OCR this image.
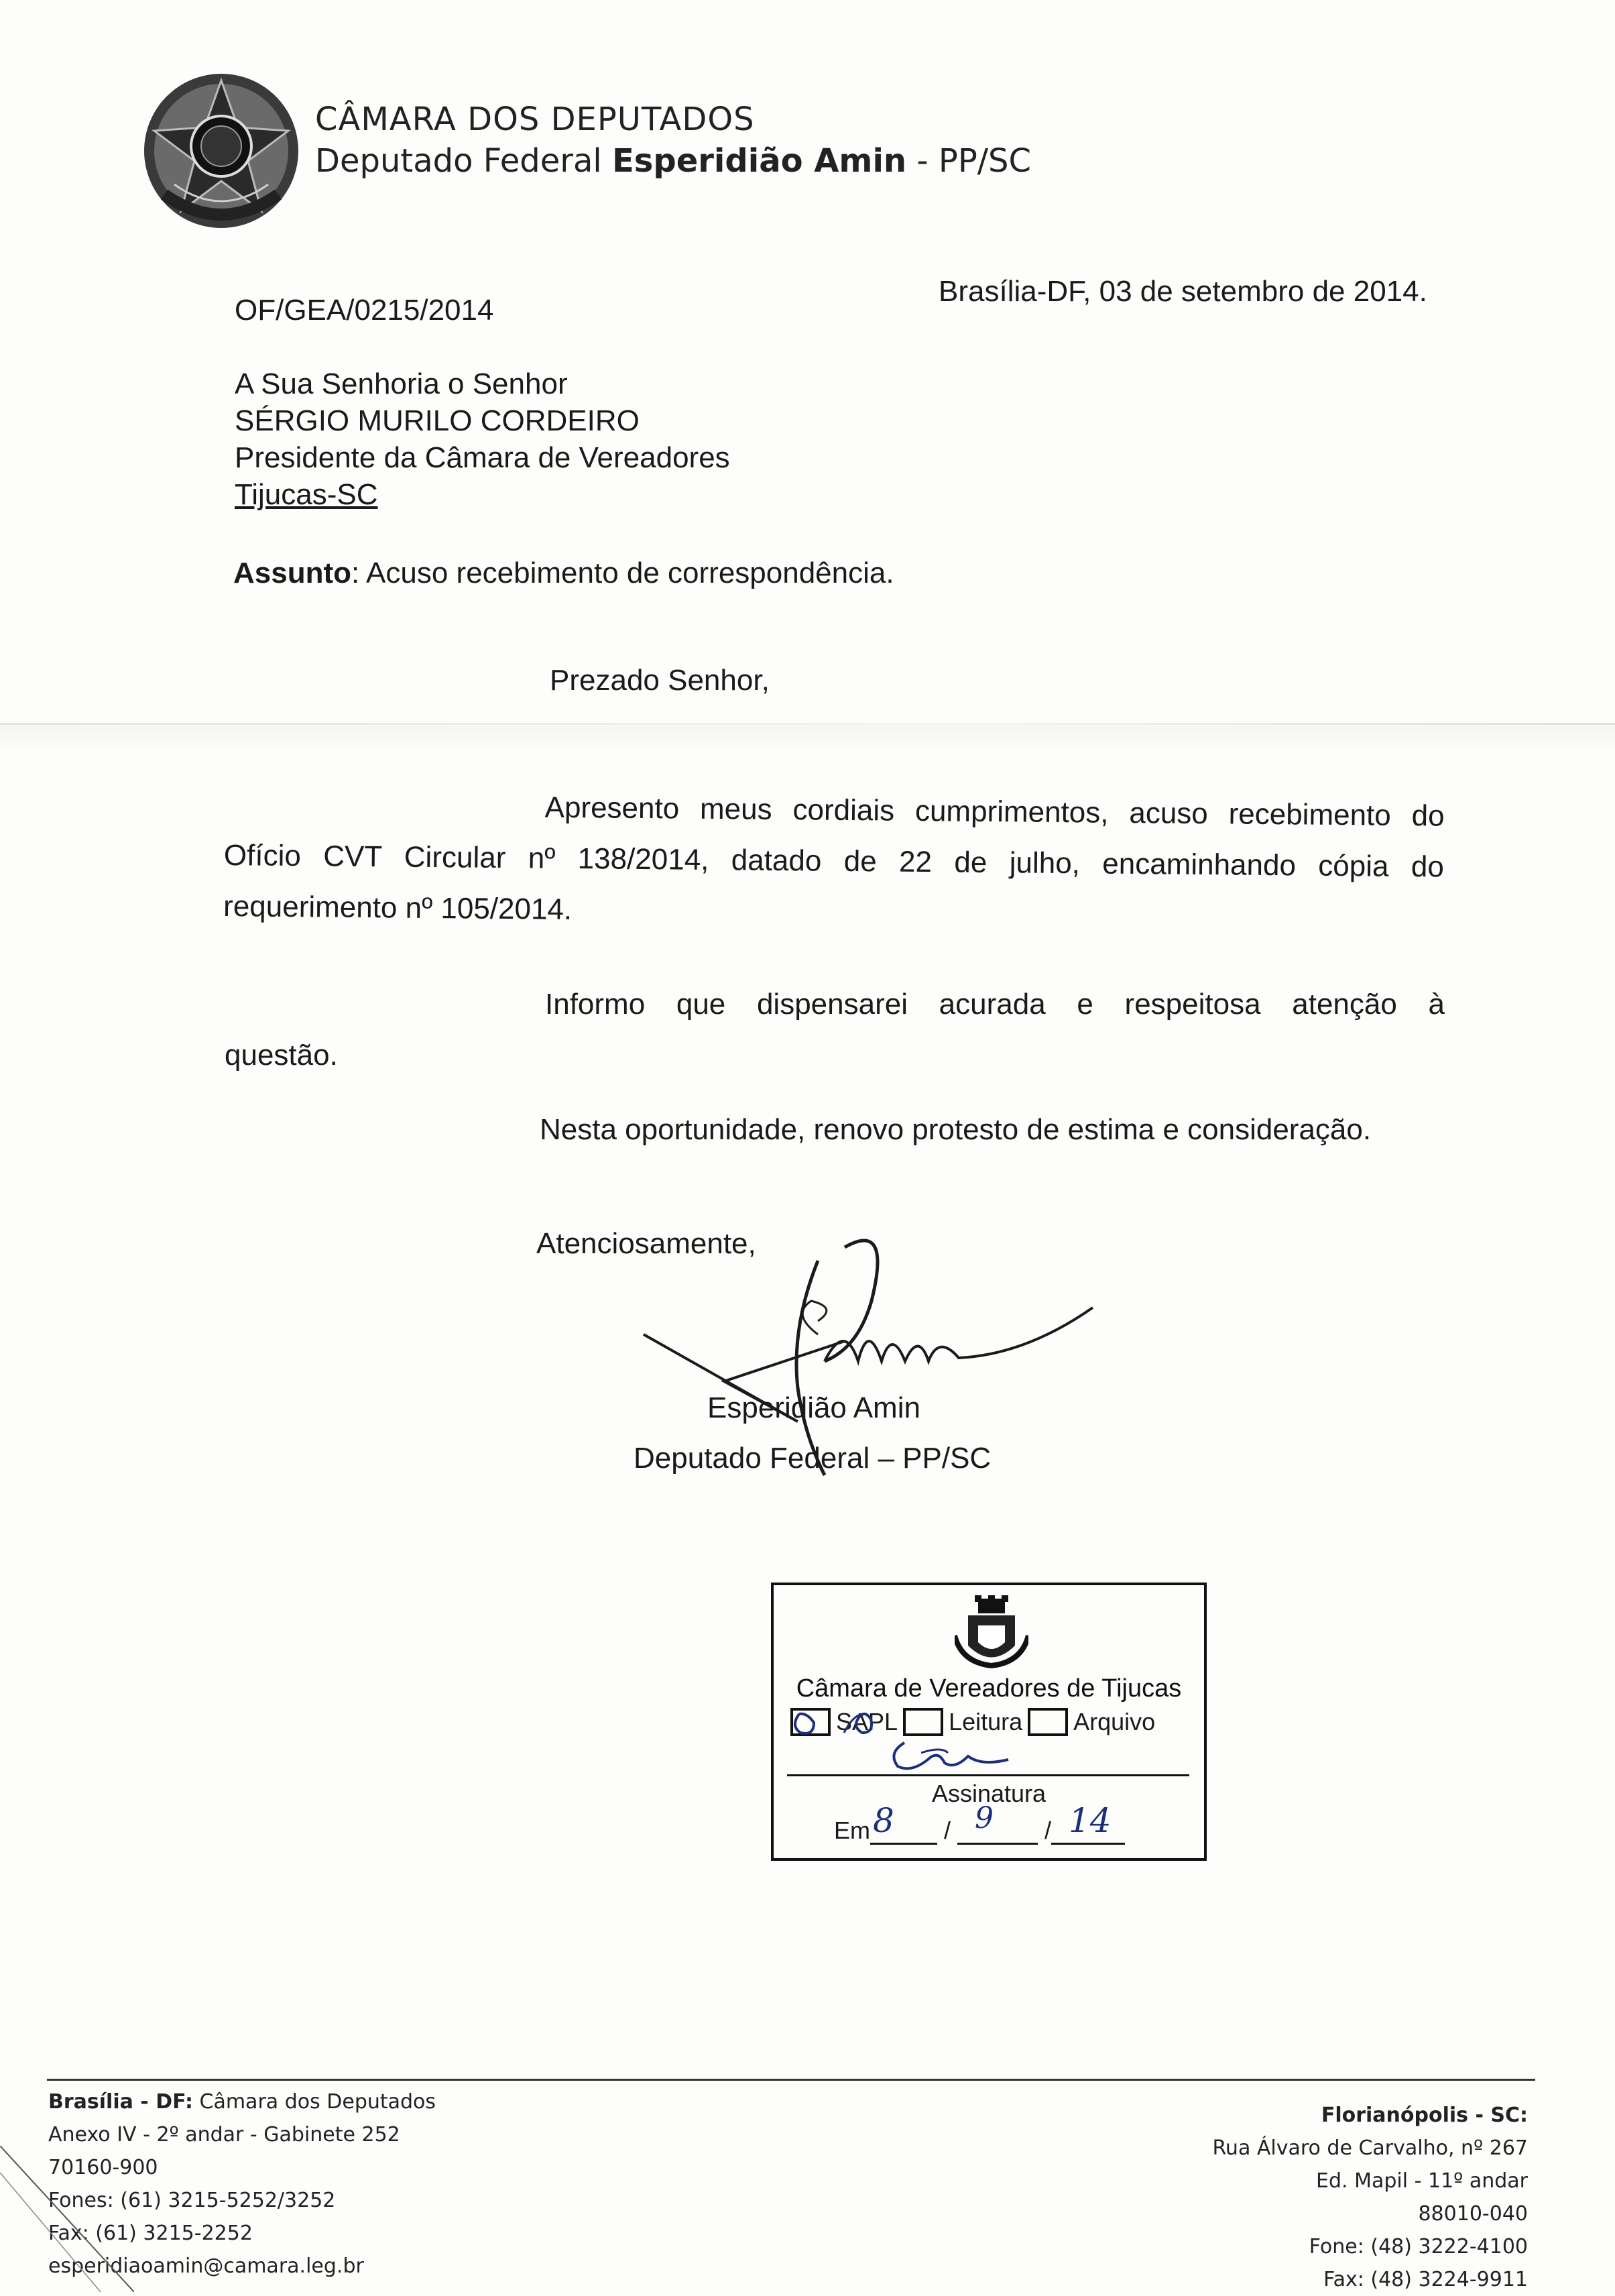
CÂMARA DOS DEPUTADOS
Deputado Federal Esperidião Amin - PP/SC
OF/GEA/0215/2014
Brasília-DF, 03 de setembro de 2014.
A Sua Senhoria o Senhor
SÉRGIO MURILO CORDEIRO
Presidente da Câmara de Vereadores
Tijucas-SC
Assunto: Acuso recebimento de correspondência.
Prezado Senhor,
Apresento meus cordiais cumprimentos, acuso recebimento do Ofício CVT Circular nº 138/2014, datado de 22 de julho, encaminhando cópia do requerimento nº 105/2014.
Informo que dispensarei acurada e respeitosa atenção à questão.
Nesta oportunidade, renovo protesto de estima e consideração.
Atenciosamente,
Esperidião Amin
Deputado Federal – PP/SC
Câmara de Vereadores de Tijucas
SAPL Leitura Arquivo
Assinatura
Em	/	/
8	9 14
Brasília - DF: Câmara dos Deputados
Anexo IV - 2º andar - Gabinete 252
70160-900
Fones: (61) 3215-5252/3252
Fax: (61) 3215-2252
esperidiaoamin@camara.leg.br
Florianópolis - SC:
Rua Álvaro de Carvalho, nº 267
Ed. Mapil - 11º andar
88010-040
Fone: (48) 3222-4100
Fax: (48) 3224-9911
